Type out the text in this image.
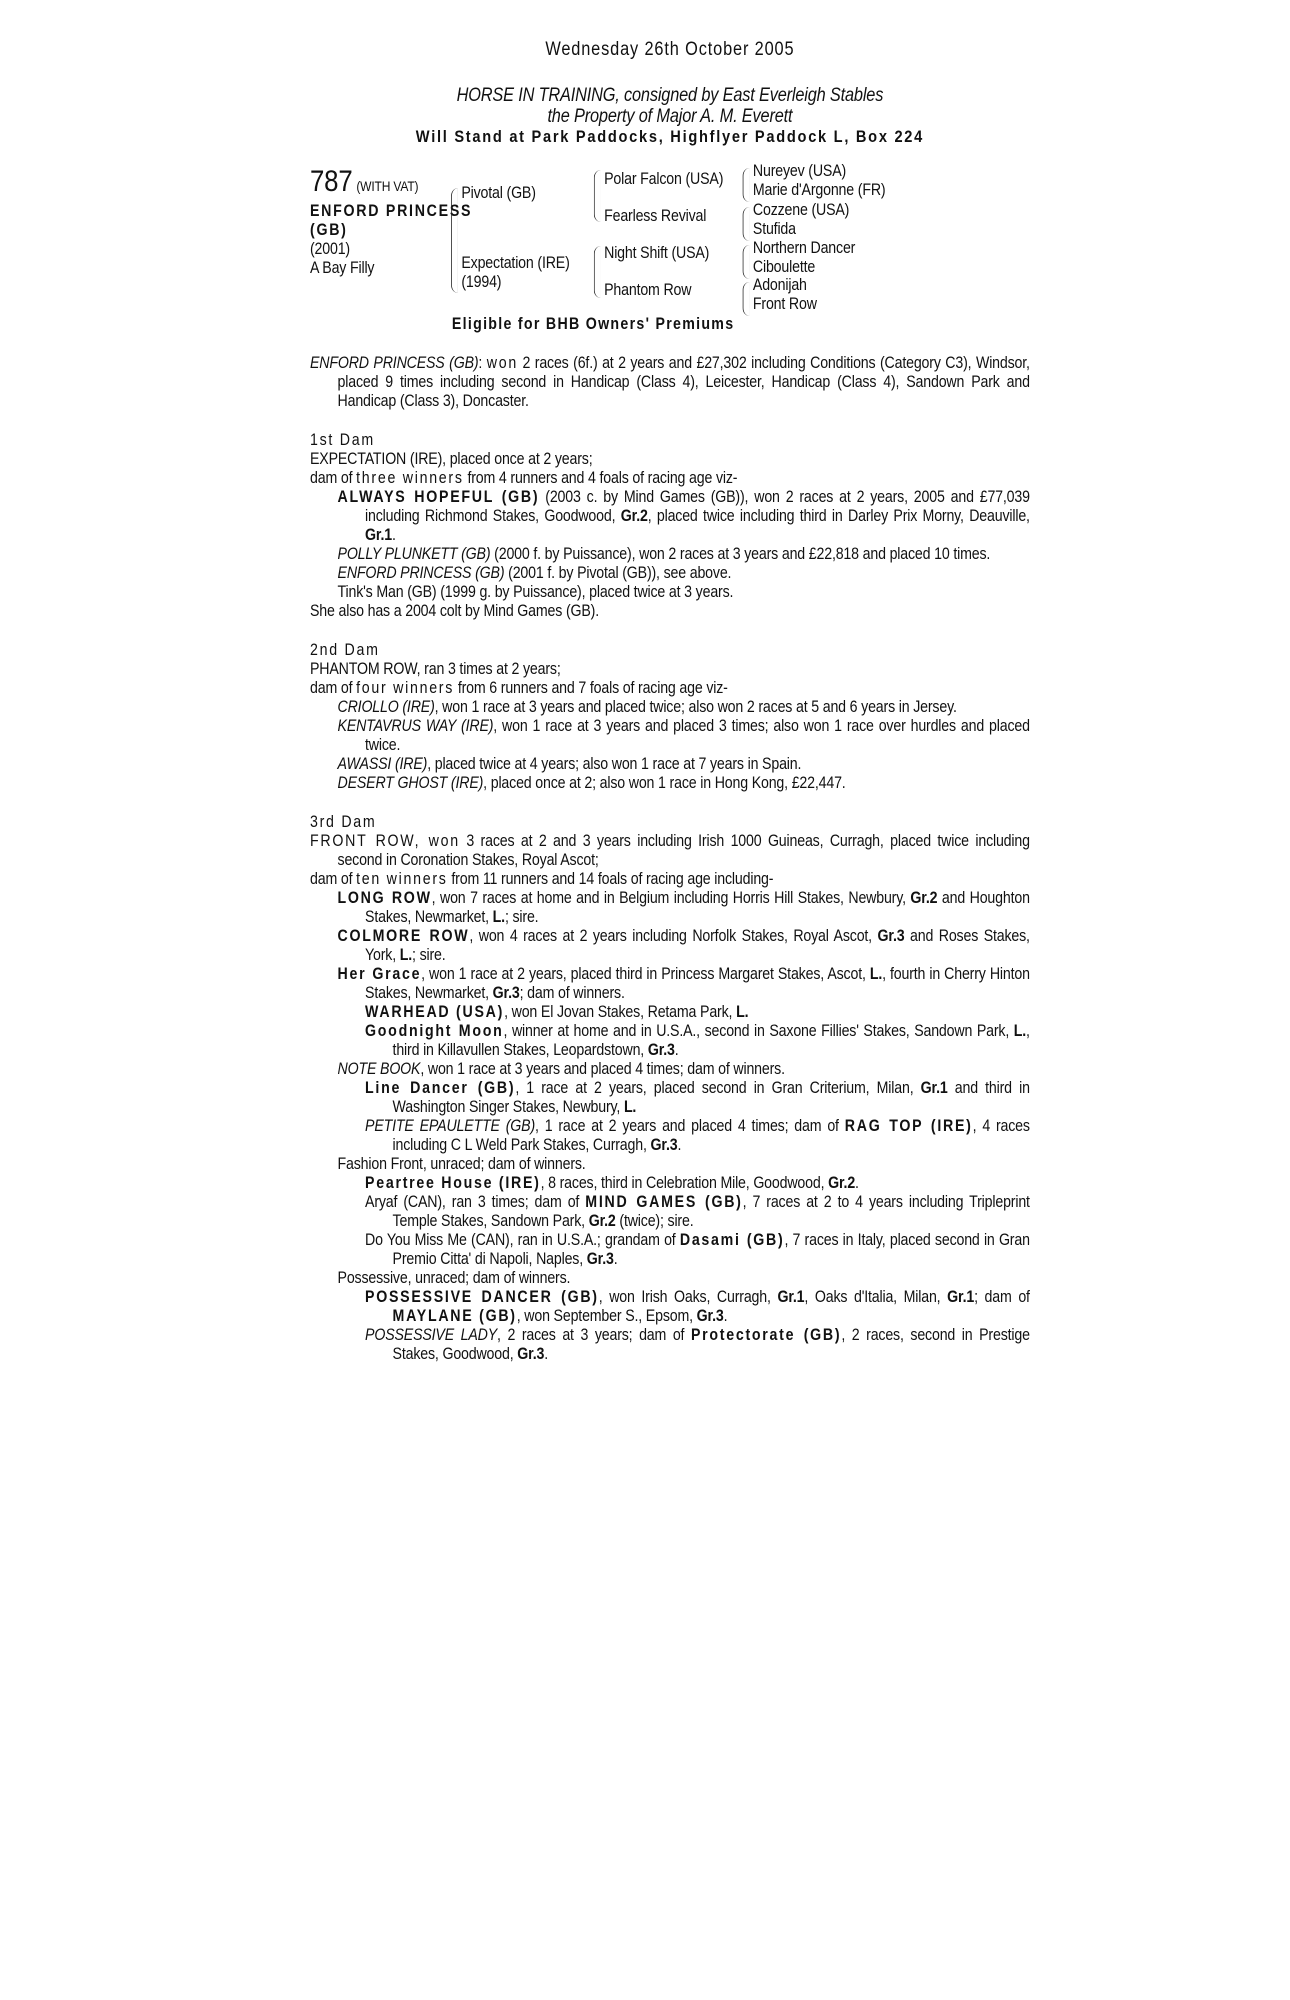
Wednesday 26th October 2005
HORSE IN TRAINING, consigned by East Everleigh Stables
the Property of Major A. M. Everett
Will Stand at Park Paddocks, Highflyer Paddock L, Box 224
787 (WITH VAT)
ENFORD PRINCESS
(GB)
(2001)
A Bay Filly
Pivotal (GB)
Expectation (IRE)
(1994)
Polar Falcon (USA)
Fearless Revival
Night Shift (USA)
Phantom Row
Nureyev (USA)
Marie d'Argonne (FR)
Cozzene (USA)
Stufida
Northern Dancer
Ciboulette
Adonijah
Front Row
Eligible for BHB Owners' Premiums
ENFORD PRINCESS (GB): won 2 races (6f.) at 2 years and £27,302 including Conditions (Category C3), Windsor, placed 9 times including second in Handicap (Class 4), Leicester, Handicap (Class 4), Sandown Park and Handicap (Class 3), Doncaster.
1st Dam
EXPECTATION (IRE), placed once at 2 years;
dam of three winners from 4 runners and 4 foals of racing age viz-
ALWAYS HOPEFUL (GB) (2003 c. by Mind Games (GB)), won 2 races at 2 years, 2005 and £77,039 including Richmond Stakes, Goodwood, Gr.2, placed twice including third in Darley Prix Morny, Deauville, Gr.1.
POLLY PLUNKETT (GB) (2000 f. by Puissance), won 2 races at 3 years and £22,818 and placed 10 times.
ENFORD PRINCESS (GB) (2001 f. by Pivotal (GB)), see above.
Tink's Man (GB) (1999 g. by Puissance), placed twice at 3 years.
She also has a 2004 colt by Mind Games (GB).
2nd Dam
PHANTOM ROW, ran 3 times at 2 years;
dam of four winners from 6 runners and 7 foals of racing age viz-
CRIOLLO (IRE), won 1 race at 3 years and placed twice; also won 2 races at 5 and 6 years in Jersey.
KENTAVRUS WAY (IRE), won 1 race at 3 years and placed 3 times; also won 1 race over hurdles and placed twice.
AWASSI (IRE), placed twice at 4 years; also won 1 race at 7 years in Spain.
DESERT GHOST (IRE), placed once at 2; also won 1 race in Hong Kong, £22,447.
3rd Dam
FRONT ROW, won 3 races at 2 and 3 years including Irish 1000 Guineas, Curragh, placed twice including second in Coronation Stakes, Royal Ascot;
dam of ten winners from 11 runners and 14 foals of racing age including-
LONG ROW, won 7 races at home and in Belgium including Horris Hill Stakes, Newbury, Gr.2 and Houghton Stakes, Newmarket, L.; sire.
COLMORE ROW, won 4 races at 2 years including Norfolk Stakes, Royal Ascot, Gr.3 and Roses Stakes, York, L.; sire.
Her Grace, won 1 race at 2 years, placed third in Princess Margaret Stakes, Ascot, L., fourth in Cherry Hinton Stakes, Newmarket, Gr.3; dam of winners.
WARHEAD (USA), won El Jovan Stakes, Retama Park, L.
Goodnight Moon, winner at home and in U.S.A., second in Saxone Fillies' Stakes, Sandown Park, L., third in Killavullen Stakes, Leopardstown, Gr.3.
NOTE BOOK, won 1 race at 3 years and placed 4 times; dam of winners.
Line Dancer (GB), 1 race at 2 years, placed second in Gran Criterium, Milan, Gr.1 and third in Washington Singer Stakes, Newbury, L.
PETITE EPAULETTE (GB), 1 race at 2 years and placed 4 times; dam of RAG TOP (IRE), 4 races including C L Weld Park Stakes, Curragh, Gr.3.
Fashion Front, unraced; dam of winners.
Peartree House (IRE), 8 races, third in Celebration Mile, Goodwood, Gr.2.
Aryaf (CAN), ran 3 times; dam of MIND GAMES (GB), 7 races at 2 to 4 years including Tripleprint Temple Stakes, Sandown Park, Gr.2 (twice); sire.
Do You Miss Me (CAN), ran in U.S.A.; grandam of Dasami (GB), 7 races in Italy, placed second in Gran Premio Citta' di Napoli, Naples, Gr.3.
Possessive, unraced; dam of winners.
POSSESSIVE DANCER (GB), won Irish Oaks, Curragh, Gr.1, Oaks d'Italia, Milan, Gr.1; dam of MAYLANE (GB), won September S., Epsom, Gr.3.
POSSESSIVE LADY, 2 races at 3 years; dam of Protectorate (GB), 2 races, second in Prestige Stakes, Goodwood, Gr.3.
